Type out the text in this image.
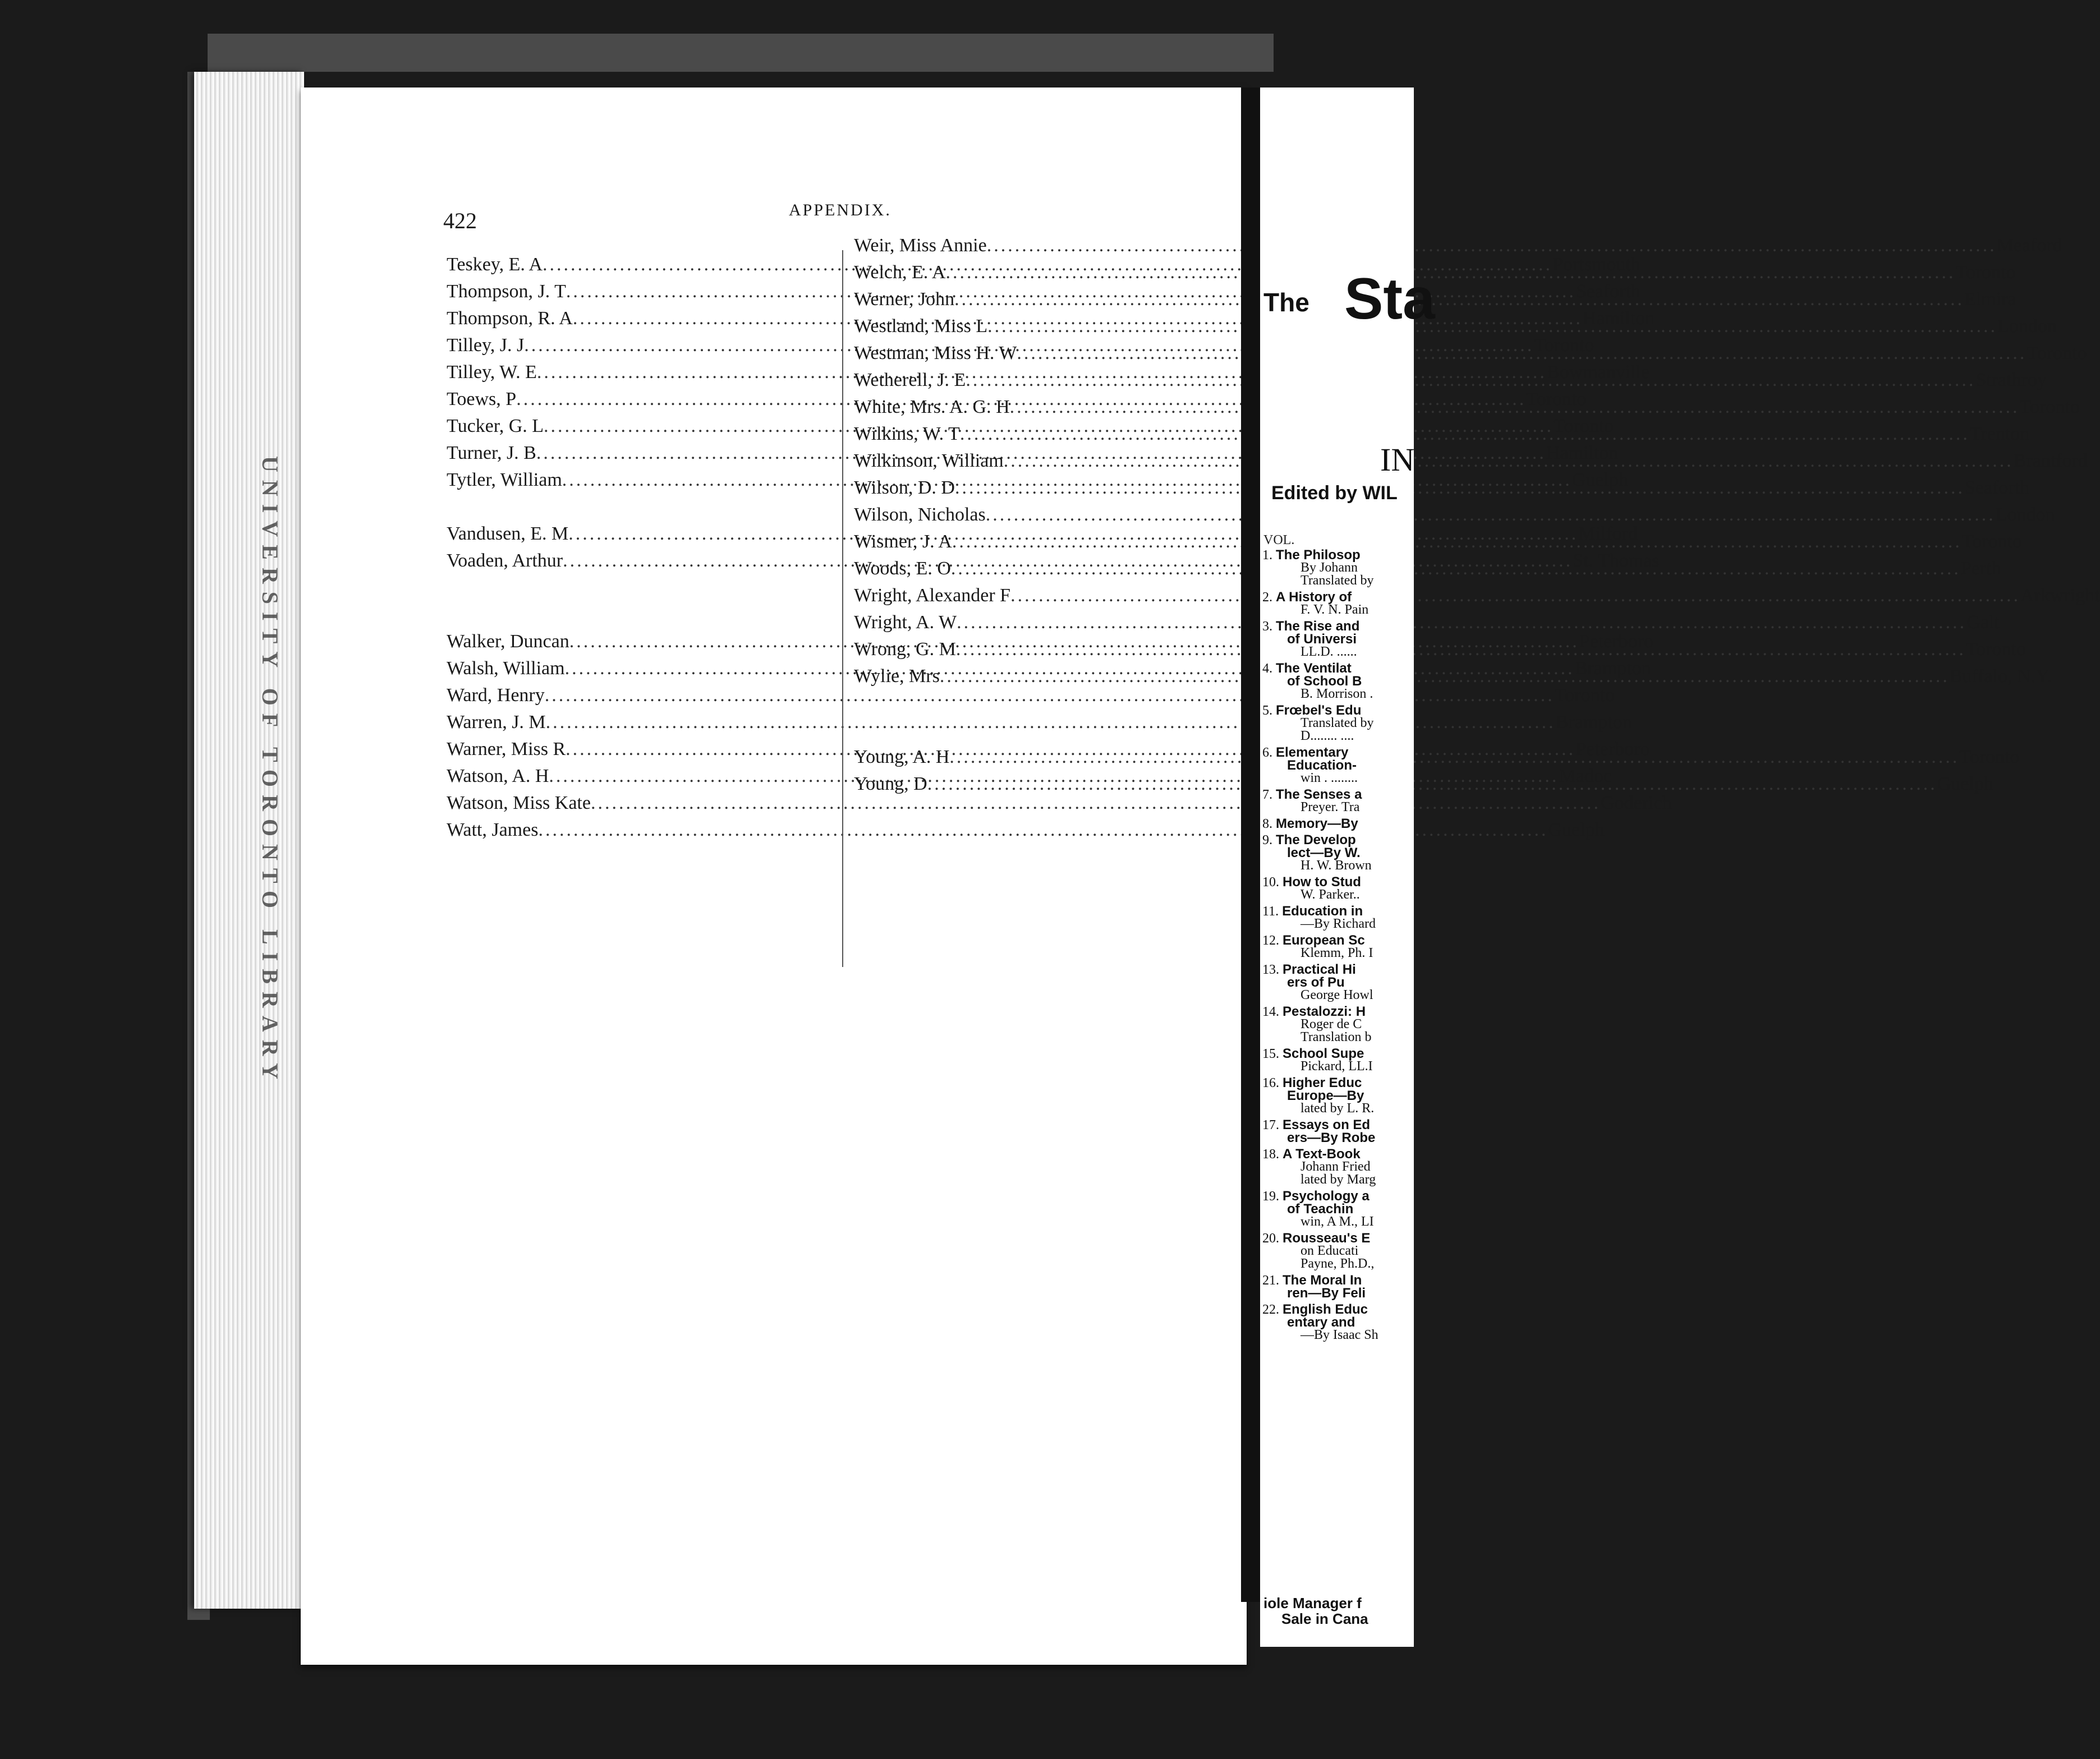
UNIVERSITY OF TORONTO LIBRARY
422	APPENDIX.
Teskey, E. A .....	Portsmouth
Thompson, J. T .....	Seaforth
Thompson, R. A .....	Hamilton
Tilley, J. J .....	Toronto
Tilley, W. E .....	Bowmanville
Toews, P .....	Toronto
Tucker, G. L .....	Toronto
Turner, J. B .....	Hamilton
Tytler, William .....	Guelph
Vandusen, E. M .....	Milford
Voaden, Arthur .....	St. Thomas
Walker, Duncan .....	Peterboro
Walsh, William .....	Brampton
Ward, Henry .....	Toronto
Warren, J. M .....	Brampton
Warner, Miss R .....	Peterboro
Watson, A. H .....	Madoc
Watson, Miss Kate .....	Goderich
Watt, James .....	Guelph
Weir, Miss Annie .....	Meaford
Welch, E. A .....	Toronto
Werner, John .....	Elmira
Westland, Miss L .....	London
Westman, Miss H. W .....	Toronto
Wetherell, J. E .....	Strathroy
White, Mrs. A. G. H .....	Toronto
Wilkins, W. T .....	Trenton
Wilkinson, William .....	Brantford
Wilson, D. D .....	Seaforth
Wilson, Nicholas .....	London
Wismer, J. A .....	Toronto
Woods, E. O .....	Perth
Wright, Alexander F .....	Arkwright
Wright, A. W .....	Galt
Wrong, G. M .....	Toronto
Wylie, Mrs .....	Buffalo, N.Y.
Young, A. H .....	Toronto
Young, D .....	Guelph
The Sta
IN
Edited by WIL
VOL.
1. The Philosop
By Johann
Translated by
2. A History of
F. V. N. Pain
3. The Rise and
of Universi
LL.D. ......
4. The Ventilat
of School B
B. Morrison .
5. Frœbel's Edu
Translated by
D........ ....
6. Elementary
Education-
win . ........
7. The Senses a
Preyer. Tra
8. Memory—By
9. The Develop
lect—By W.
H. W. Brown
10. How to Stud
W. Parker..
11. Education in
—By Richard
12. European Sc
Klemm, Ph. I
13. Practical Hi
ers of Pu
George Howl
14. Pestalozzi: H
Roger de C
Translation b
15. School Supe
Pickard, LL.I
16. Higher Educ
Europe—By
lated by L. R.
17. Essays on Ed
ers—By Robe
18. A Text-Book
Johann Fried
lated by Marg
19. Psychology a
of Teachin
win, A M., LI
20. Rousseau's E
on Educati
Payne, Ph.D.,
21. The Moral In
ren—By Feli
22. English Educ
entary and
—By Isaac Sh
iole Manager f
Sale in Cana
